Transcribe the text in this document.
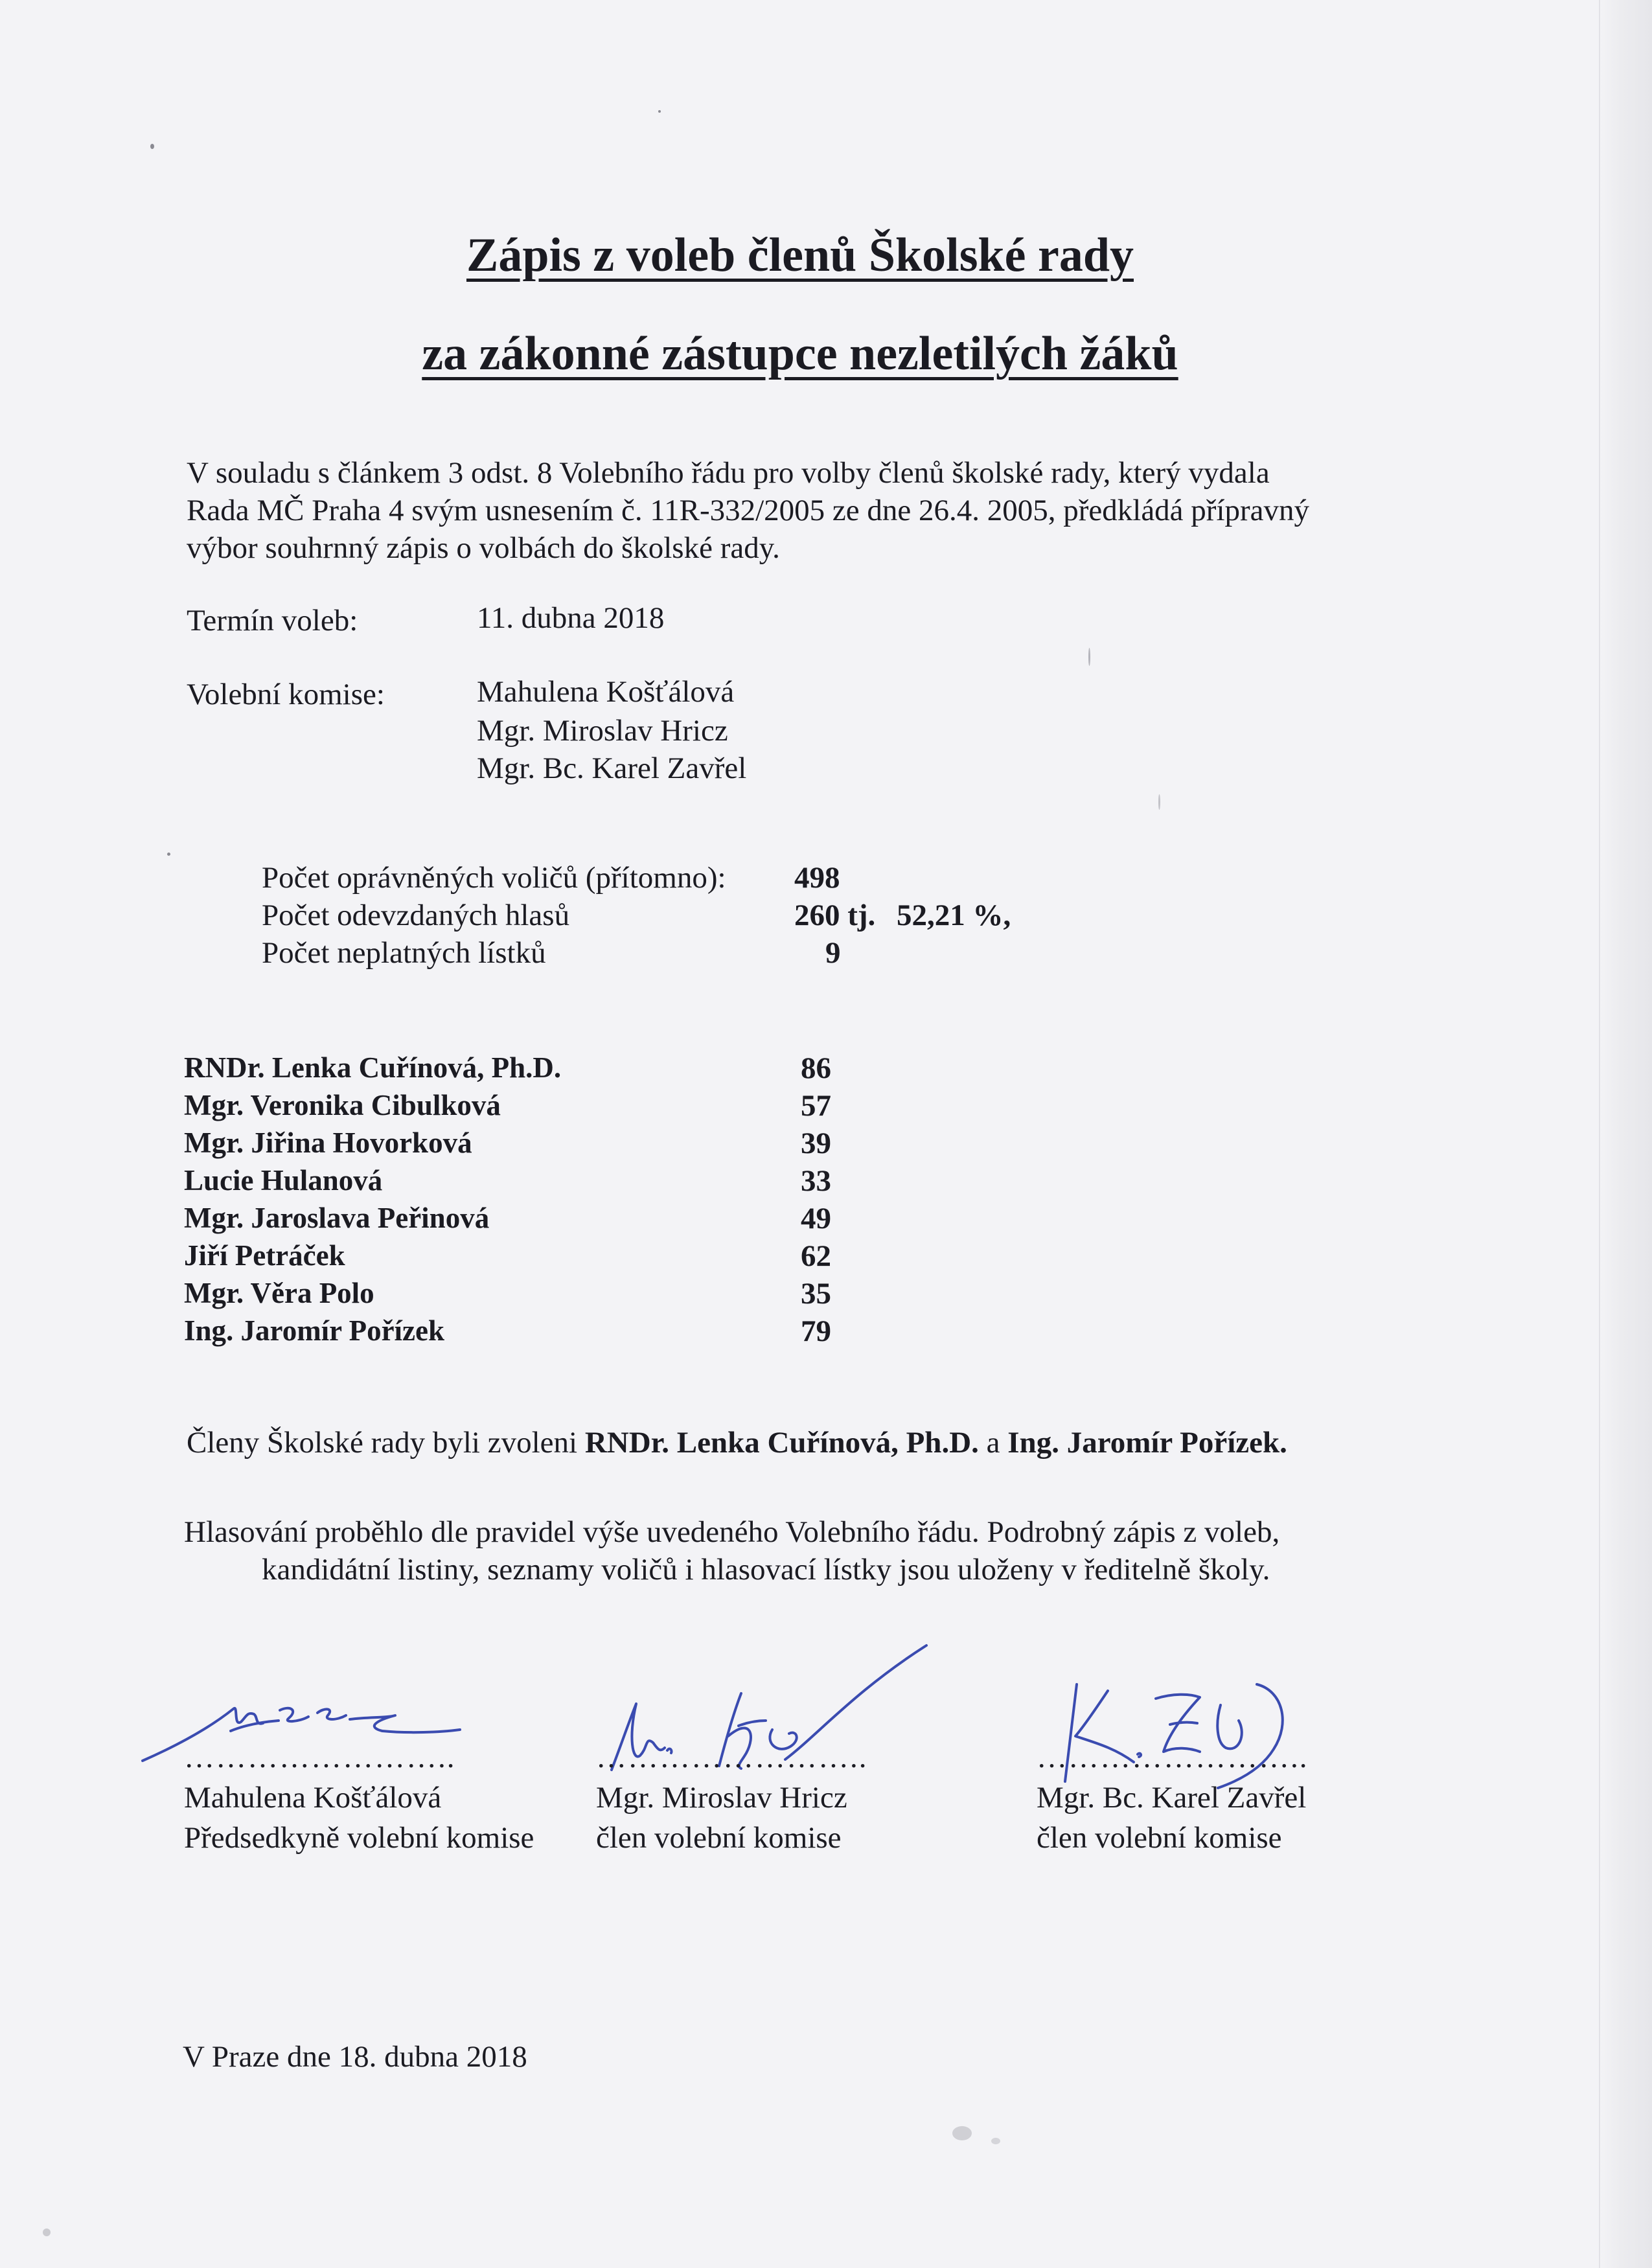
Zápis z voleb členů Školské rady
za zákonné zástupce nezletilých žáků
V souladu s článkem 3 odst. 8 Volebního řádu pro volby členů školské rady, který vydala
Rada MČ Praha 4 svým usnesením č. 11R-332/2005 ze dne 26.4. 2005, předkládá přípravný
výbor souhrnný zápis o volbách do školské rady.
Termín voleb:	11. dubna 2018
Volební komise:	Mahulena Košťálová
Mgr. Miroslav Hricz
Mgr. Bc. Karel Zavřel
Počet oprávněných voličů (přítomno): 498
Počet odevzdaných hlasů	260 tj. 52,21 %,
Počet neplatných lístků	9
RNDr. Lenka Cuřínová, Ph.D.	86
Mgr. Veronika Cibulková	57
Mgr. Jiřina Hovorková	39
Lucie Hulanová	33
Mgr. Jaroslava Peřinová	49
Jiří Petráček	62
Mgr. Věra Polo	35
Ing. Jaromír Pořízek	79
Členy Školské rady byli zvoleni RNDr. Lenka Cuřínová, Ph.D. a Ing. Jaromír Pořízek.
Hlasování proběhlo dle pravidel výše uvedeného Volebního řádu. Podrobný zápis z voleb,
kandidátní listiny, seznamy voličů i hlasovací lístky jsou uloženy v ředitelně školy.
……………………..
Mahulena Košťálová
Předsedkyně volební komise
……………………..
Mgr. Miroslav Hricz
člen volební komise
……………………..
Mgr. Bc. Karel Zavřel
člen volební komise
V Praze dne 18. dubna 2018
